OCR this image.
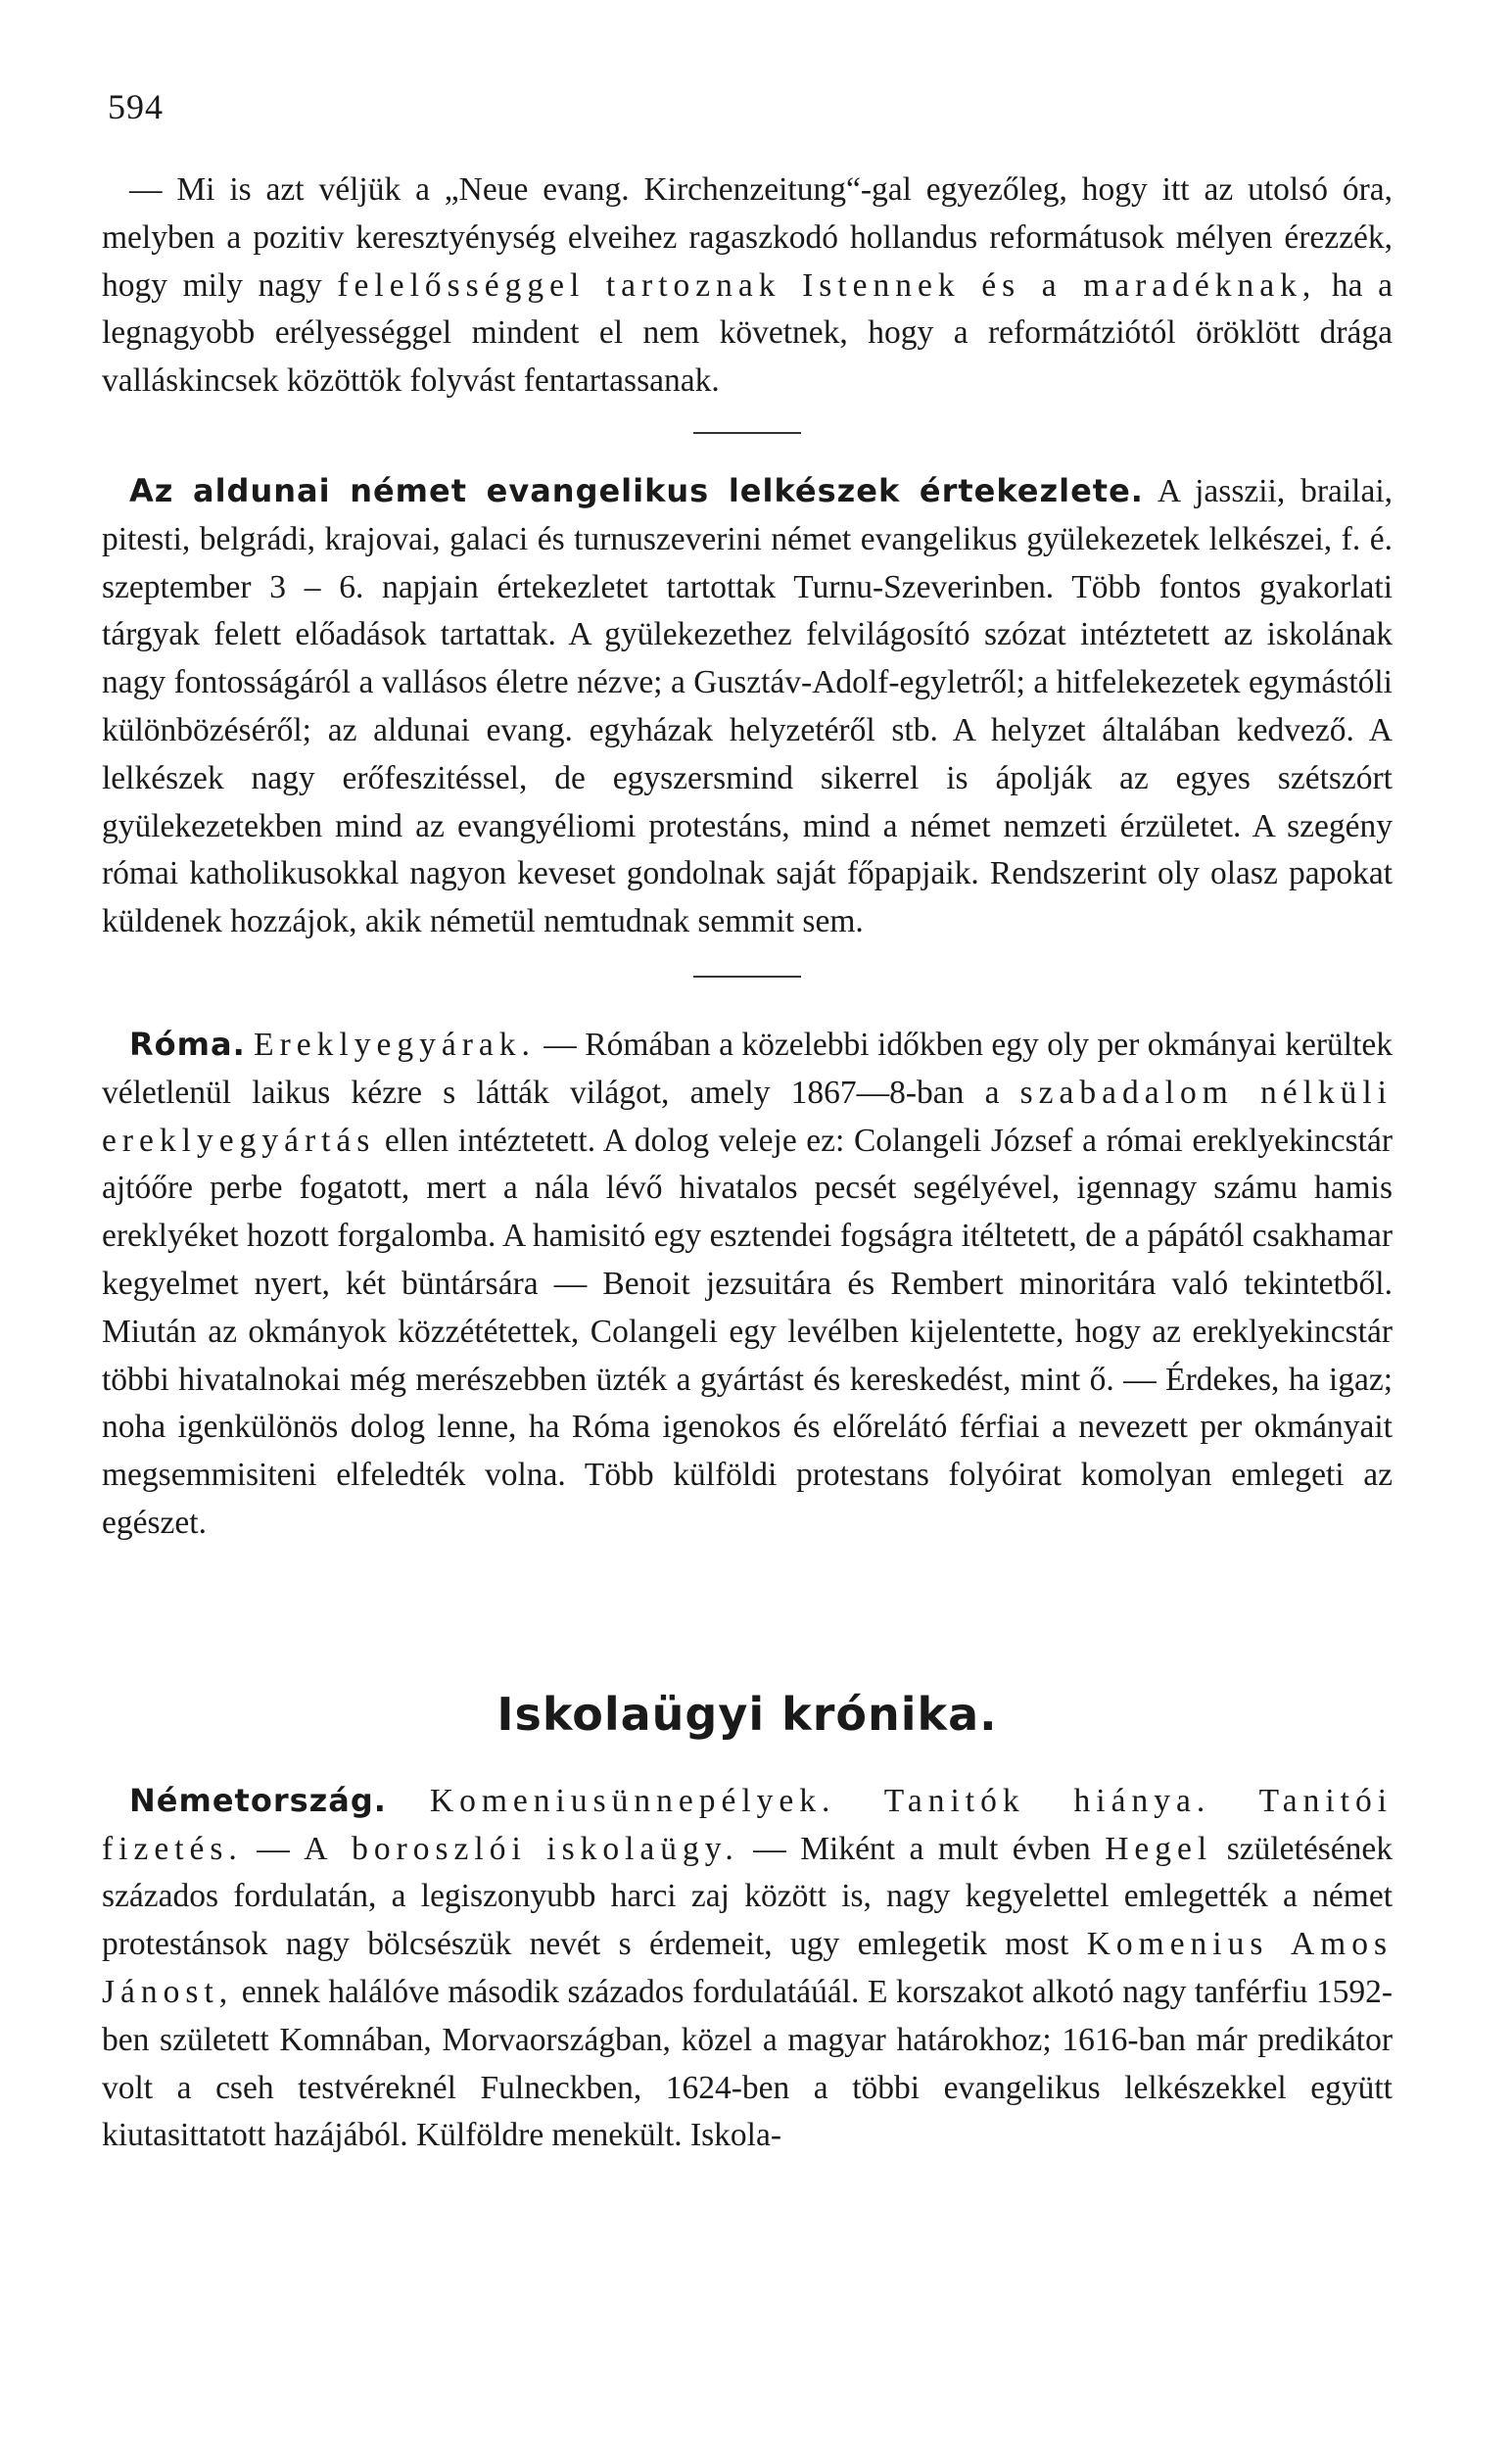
594

— Mi is azt véljük a „Neue evang. Kirchenzeitung“-gal egyezőleg, hogy itt az utolsó óra, melyben a pozitiv keresztyénység elveihez ragaszkodó hollandus reformátusok mélyen érezzék, hogy mily nagy felelősséggel tartoznak Istennek és a maradéknak, ha a legnagyobb erélyességgel mindent el nem követnek, hogy a reformátziótól öröklött drága valláskincsek közöttök folyvást fentartassanak.

Az aldunai német evangelikus lelkészek értekezlete. A jasszii, brailai, pitesti, belgrádi, krajovai, galaci és turnuszeverini német evangelikus gyülekezetek lelkészei, f. é. szeptember 3 – 6. napjain értekezletet tartottak Turnu-Szeverinben. Több fontos gyakorlati tárgyak felett előadások tartattak. A gyülekezethez felvilágosító szózat intéztetett az iskolának nagy fontosságáról a vallásos életre nézve; a Gusztáv-Adolf-egyletről; a hitfelekezetek egymástóli különbözéséről; az aldunai evang. egyházak helyzetéről stb. A helyzet általában kedvező. A lelkészek nagy erőfeszitéssel, de egyszersmind sikerrel is ápolják az egyes szétszórt gyülekezetekben mind az evangyéliomi protestáns, mind a német nemzeti érzületet. A szegény római katholikusokkal nagyon keveset gondolnak saját főpapjaik. Rendszerint oly olasz papokat küldenek hozzájok, akik németül nemtudnak semmit sem.

Róma. Ereklyegyárak. — Rómában a közelebbi időkben egy oly per okmányai kerültek véletlenül laikus kézre s látták világot, amely 1867—8-ban a szabadalom nélküli ereklyegyártás ellen intéztetett. A dolog veleje ez: Colangeli József a római ereklyekincstár ajtóőre perbe fogatott, mert a nála lévő hivatalos pecsét segélyével, igennagy számu hamis ereklyéket hozott forgalomba. A hamisitó egy esztendei fogságra itéltetett, de a pápától csakhamar kegyelmet nyert, két büntársára — Benoit jezsuitára és Rembert minoritára való tekintetből. Miután az okmányok közzététettek, Colangeli egy levélben kijelentette, hogy az ereklyekincstár többi hivatalnokai még merészebben üzték a gyártást és kereskedést, mint ő. — Érdekes, ha igaz; noha igenkülönös dolog lenne, ha Róma igenokos és előrelátó férfiai a nevezett per okmányait megsemmisiteni elfeledték volna. Több külföldi protestans folyóirat komolyan emlegeti az egészet.

Iskolaügyi krónika.

Németország. Komeniusünnepélyek. Tanitók hiánya. Tanitói fizetés. — A boroszlói iskolaügy. — Miként a mult évben Hegel születésének százados fordulatán, a legiszonyubb harci zaj között is, nagy kegyelettel emlegették a német protestánsok nagy bölcsészük nevét s érdemeit, ugy emlegetik most Komenius Amos Jánost, ennek halálóve második százados fordulatáúál. E korszakot alkotó nagy tanférfiu 1592-ben született Komnában, Morvaországban, közel a magyar határokhoz; 1616-ban már predikátor volt a cseh testvéreknél Fulneckben, 1624-ben a többi evangelikus lelkészekkel együtt kiutasittatott hazájából. Külföldre menekült. Iskola-
